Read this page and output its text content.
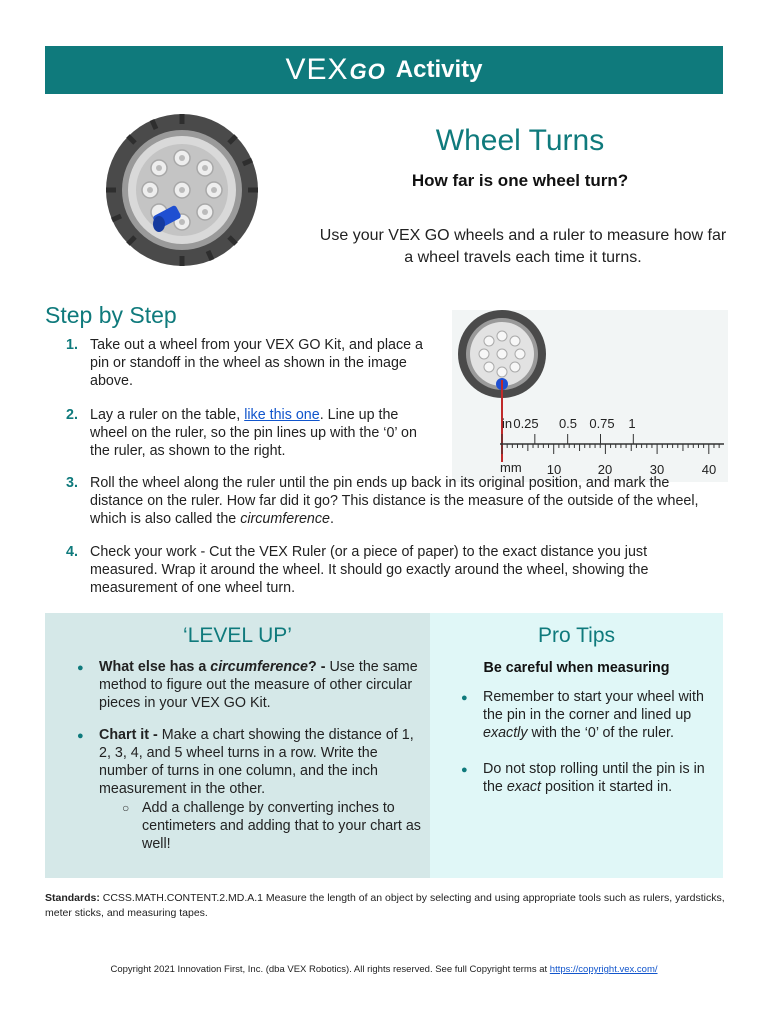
VEXGO Activity
Wheel Turns
How far is one wheel turn?
Use your VEX GO wheels and a ruler to measure how far a wheel travels each time it turns.
Step by Step
in 0.25 0.5 0.75 1
mm 10	20	30	40
1. Take out a wheel from your VEX GO Kit, and place a pin or standoff in the wheel as shown in the image above.
2. Lay a ruler on the table, like this one. Line up the wheel on the ruler, so the pin lines up with the ‘0’ on the ruler, as shown to the right.
3. Roll the wheel along the ruler until the pin ends up back in its original position, and mark the distance on the ruler. How far did it go? This distance is the measure of the outside of the wheel, which is also called the circumference.
4. Check your work - Cut the VEX Ruler (or a piece of paper) to the exact distance you just measured. Wrap it around the wheel. It should go exactly around the wheel, showing the measurement of one wheel turn.
‘LEVEL UP’
●	What else has a circumference? - Use the same method to figure out the measure of other circular pieces in your VEX GO Kit.
●	Chart it - Make a chart showing the distance of 1, 2, 3, 4, and 5 wheel turns in a row. Write the number of turns in one column, and the inch measurement in the other.
○ Add a challenge by converting inches to centimeters and adding that to your chart as well!
Pro Tips
Be careful when measuring
●	Remember to start your wheel with the pin in the corner and lined up exactly with the ‘0’ of the ruler.
●	Do not stop rolling until the pin is in the exact position it started in.
Standards: CCSS.MATH.CONTENT.2.MD.A.1 Measure the length of an object by selecting and using appropriate tools such as rulers, yardsticks, meter sticks, and measuring tapes.
Copyright 2021 Innovation First, Inc. (dba VEX Robotics). All rights reserved. See full Copyright terms at https://copyright.vex.com/
